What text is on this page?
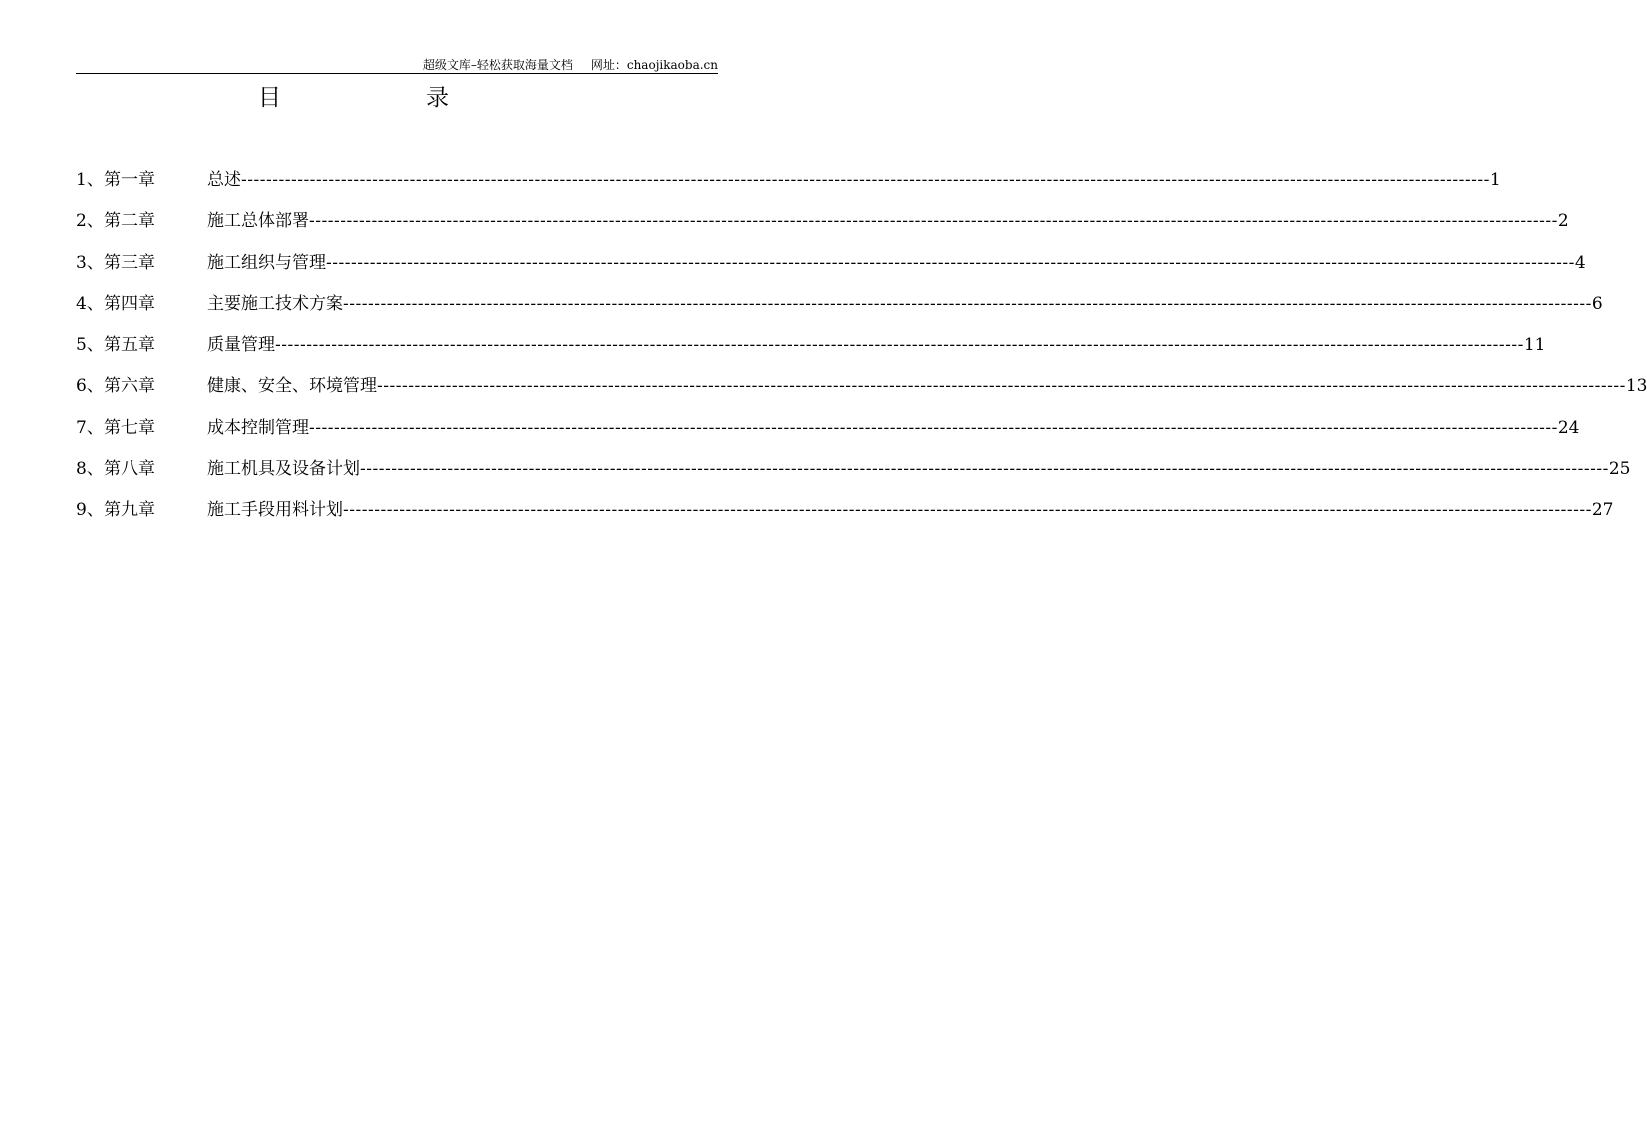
超级文库–轻松获取海量文档 网址：chaojikaoba.cn
目	录
1、 第一章	总述 -------------------------------------------------------------------------------------------------------------------------------------------------------------------------------------------------------- 1
2、 第二章	施工总体部署 -------------------------------------------------------------------------------------------------------------------------------------------------------------------------------------------------------- 2
3、 第三章	施工组织与管理 -------------------------------------------------------------------------------------------------------------------------------------------------------------------------------------------------------- 4
4、 第四章	主要施工技术方案 -------------------------------------------------------------------------------------------------------------------------------------------------------------------------------------------------------- 6
5、 第五章	质量管理 -------------------------------------------------------------------------------------------------------------------------------------------------------------------------------------------------------- 11
6、 第六章	健康、安全、环境管理 -------------------------------------------------------------------------------------------------------------------------------------------------------------------------------------------------------- 13
7、 第七章	成本控制管理 -------------------------------------------------------------------------------------------------------------------------------------------------------------------------------------------------------- 24
8、 第八章	施工机具及设备计划 -------------------------------------------------------------------------------------------------------------------------------------------------------------------------------------------------------- 25
9、 第九章	施工手段用料计划 -------------------------------------------------------------------------------------------------------------------------------------------------------------------------------------------------------- 27
